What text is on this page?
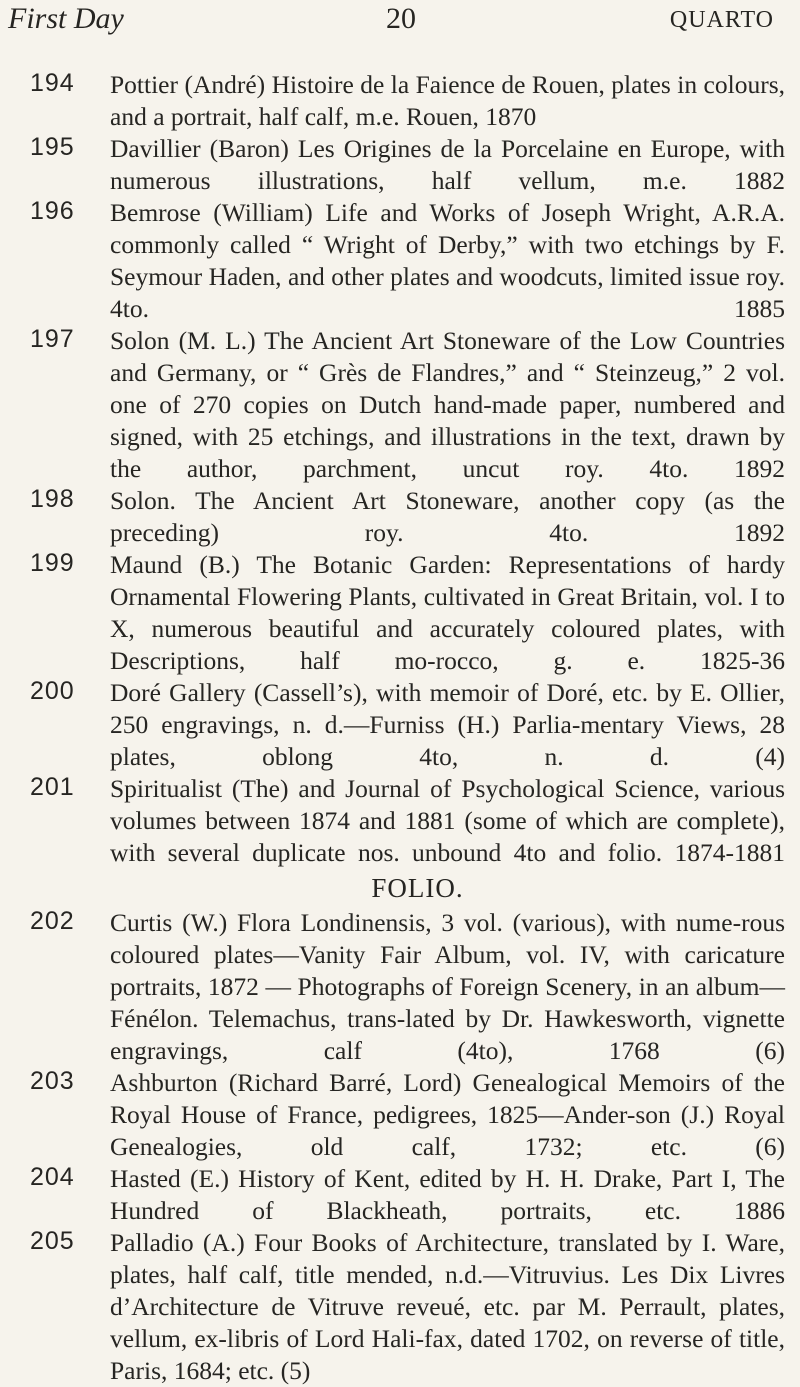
First Day	20	QUARTO
194	Pottier (André) Histoire de la Faience de Rouen, plates in colours, and a portrait, half calf, m.e. Rouen, 1870
195	Davillier (Baron) Les Origines de la Porcelaine en Europe, with numerous illustrations, half vellum, m.e. 1882
196	Bemrose (William) Life and Works of Joseph Wright, A.R.A. commonly called “ Wright of Derby,” with two etchings by F. Seymour Haden, and other plates and woodcuts, limited issue roy. 4to. 1885
197	Solon (M. L.) The Ancient Art Stoneware of the Low Countries and Germany, or “ Grès de Flandres,” and “ Steinzeug,” 2 vol. one of 270 copies on Dutch hand-made paper, numbered and signed, with 25 etchings, and illustrations in the text, drawn by the author, parchment, uncut roy. 4to. 1892
198	Solon. The Ancient Art Stoneware, another copy (as the preceding) roy. 4to. 1892
199	Maund (B.) The Botanic Garden: Representations of hardy Ornamental Flowering Plants, cultivated in Great Britain, vol. I to X, numerous beautiful and accurately coloured plates, with Descriptions, half mo-rocco, g. e. 1825-36
200	Doré Gallery (Cassell’s), with memoir of Doré, etc. by E. Ollier, 250 engravings, n. d.—Furniss (H.) Parlia-mentary Views, 28 plates, oblong 4to, n. d. (4)
201	Spiritualist (The) and Journal of Psychological Science, various volumes between 1874 and 1881 (some of which are complete), with several duplicate nos. unbound 4to and folio. 1874-1881
FOLIO.
202	Curtis (W.) Flora Londinensis, 3 vol. (various), with nume-rous coloured plates—Vanity Fair Album, vol. IV, with caricature portraits, 1872 — Photographs of Foreign Scenery, in an album—Fénélon. Telemachus, trans-lated by Dr. Hawkesworth, vignette engravings, calf (4to), 1768 (6)
203	Ashburton (Richard Barré, Lord) Genealogical Memoirs of the Royal House of France, pedigrees, 1825—Ander-son (J.) Royal Genealogies, old calf, 1732; etc. (6)
204	Hasted (E.) History of Kent, edited by H. H. Drake, Part I, The Hundred of Blackheath, portraits, etc. 1886
205	Palladio (A.) Four Books of Architecture, translated by I. Ware, plates, half calf, title mended, n.d.—Vitruvius. Les Dix Livres d’Architecture de Vitruve reveué, etc. par M. Perrault, plates, vellum, ex-libris of Lord Hali-fax, dated 1702, on reverse of title, Paris, 1684; etc. (5)
